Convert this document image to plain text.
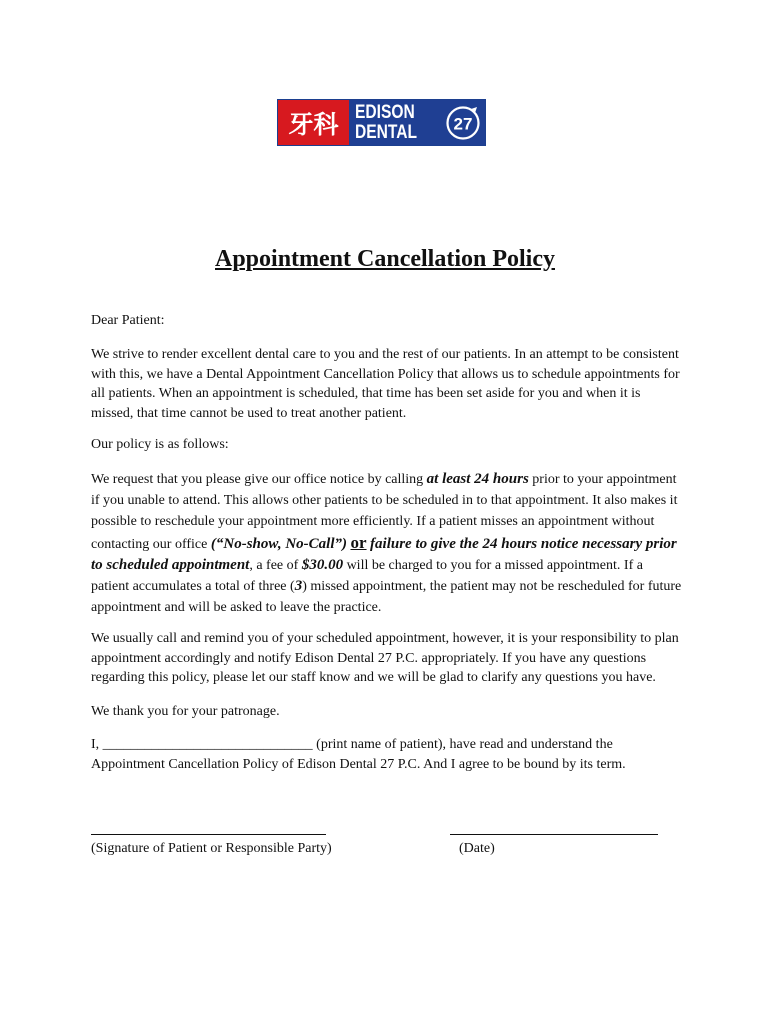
牙科 EDISON
DENTAL	27
Appointment Cancellation Policy

Dear Patient:

We strive to render excellent dental care to you and the rest of our patients. In an attempt to be consistent with this, we have a Dental Appointment Cancellation Policy that allows us to schedule appointments for all patients. When an appointment is scheduled, that time has been set aside for you and when it is missed, that time cannot be used to treat another patient.

Our policy is as follows:

We request that you please give our office notice by calling at least 24 hours prior to your appointment if you unable to attend. This allows other patients to be scheduled in to that appointment. It also makes it possible to reschedule your appointment more efficiently. If a patient misses an appointment without contacting our office (“No-show, No-Call”) or failure to give the 24 hours notice necessary prior to scheduled appointment, a fee of $30.00 will be charged to you for a missed appointment. If a patient accumulates a total of three (3) missed appointment, the patient may not be rescheduled for future appointment and will be asked to leave the practice.

We usually call and remind you of your scheduled appointment, however, it is your responsibility to plan appointment accordingly and notify Edison Dental 27 P.C. appropriately. If you have any questions regarding this policy, please let our staff know and we will be glad to clarify any questions you have.

We thank you for your patronage.

I, ______________________________ (print name of patient), have read and understand the Appointment Cancellation Policy of Edison Dental 27 P.C. And I agree to be bound by its term.

(Signature of Patient or Responsible Party)	(Date)
